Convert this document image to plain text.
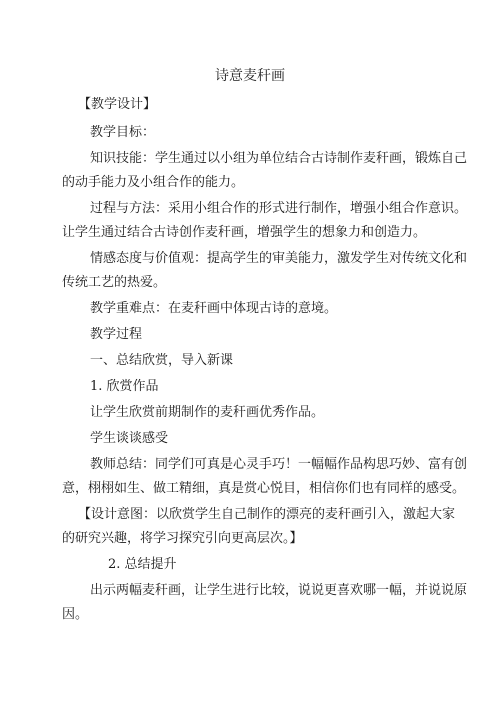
诗意麦秆画
【教学设计】
教学目标：
知识技能：学生通过以小组为单位结合古诗制作麦秆画，锻炼自己
的动手能力及小组合作的能力。
过程与方法：采用小组合作的形式进行制作，增强小组合作意识。
让学生通过结合古诗创作麦秆画，增强学生的想象力和创造力。
情感态度与价值观：提高学生的审美能力，激发学生对传统文化和
传统工艺的热爱。
教学重难点：在麦秆画中体现古诗的意境。
教学过程
一、总结欣赏，导入新课
1. 欣赏作品
让学生欣赏前期制作的麦秆画优秀作品。
学生谈谈感受
教师总结：同学们可真是心灵手巧！一幅幅作品构思巧妙、富有创
意，栩栩如生、做工精细，真是赏心悦目，相信你们也有同样的感受。
【设计意图：以欣赏学生自己制作的漂亮的麦秆画引入，激起大家
的研究兴趣，将学习探究引向更高层次。】
2. 总结提升
出示两幅麦秆画，让学生进行比较，说说更喜欢哪一幅，并说说原
因。
